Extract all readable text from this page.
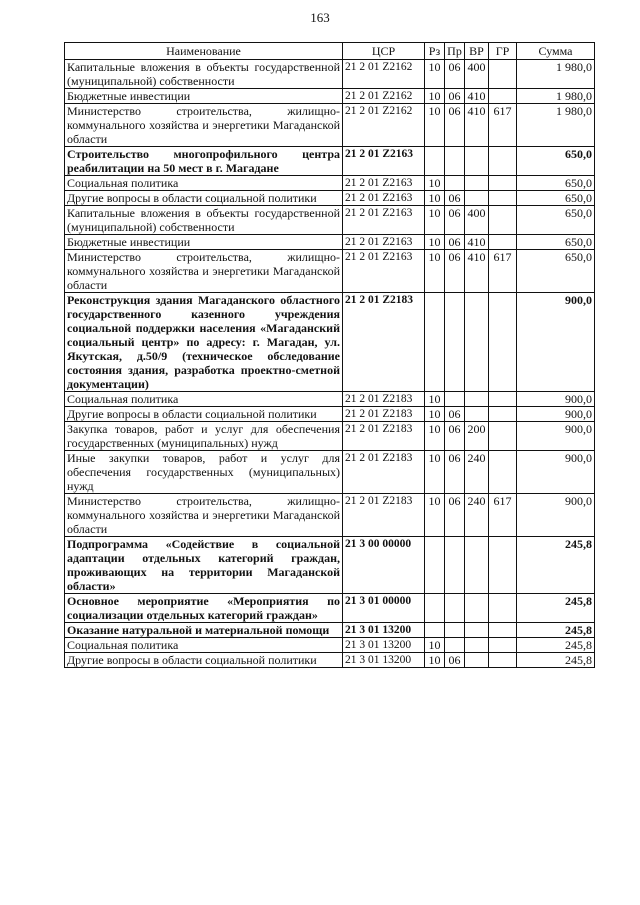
163
Наименование	ЦСР	Рз	Пр	ВР	ГР	Сумма
Капитальные вложения в объекты государственной (муниципальной) собственности	21 2 01 Z2162	10	06	400		1 980,0
Бюджетные инвестиции	21 2 01 Z2162	10	06	410		1 980,0
Министерство строительства, жилищно-коммунального хозяйства и энергетики Магаданской области	21 2 01 Z2162	10	06	410	617	1 980,0
Строительство многопрофильного центра реабилитации на 50 мест в г. Магадане	21 2 01 Z2163					650,0
Социальная политика	21 2 01 Z2163	10				650,0
Другие вопросы в области социальной политики	21 2 01 Z2163	10	06			650,0
Капитальные вложения в объекты государственной (муниципальной) собственности	21 2 01 Z2163	10	06	400		650,0
Бюджетные инвестиции	21 2 01 Z2163	10	06	410		650,0
Министерство строительства, жилищно-коммунального хозяйства и энергетики Магаданской области	21 2 01 Z2163	10	06	410	617	650,0
Реконструкция здания Магаданского областного государственного казенного учреждения социальной поддержки населения «Магаданский социальный центр» по адресу: г. Магадан, ул. Якутская, д.50/9 (техническое обследование состояния здания, разработка проектно-сметной документации)	21 2 01 Z2183					900,0
Социальная политика	21 2 01 Z2183	10				900,0
Другие вопросы в области социальной политики	21 2 01 Z2183	10	06			900,0
Закупка товаров, работ и услуг для обеспечения государственных (муниципальных) нужд	21 2 01 Z2183	10	06	200		900,0
Иные закупки товаров, работ и услуг для обеспечения государственных (муниципальных) нужд	21 2 01 Z2183	10	06	240		900,0
Министерство строительства, жилищно-коммунального хозяйства и энергетики Магаданской области	21 2 01 Z2183	10	06	240	617	900,0
Подпрограмма «Содействие в социальной адаптации отдельных категорий граждан, проживающих на территории Магаданской области»	21 3 00 00000					245,8
Основное мероприятие «Мероприятия по социализации отдельных категорий граждан»	21 3 01 00000					245,8
Оказание натуральной и материальной помощи	21 3 01 13200					245,8
Социальная политика	21 3 01 13200	10				245,8
Другие вопросы в области социальной политики	21 3 01 13200	10	06			245,8
